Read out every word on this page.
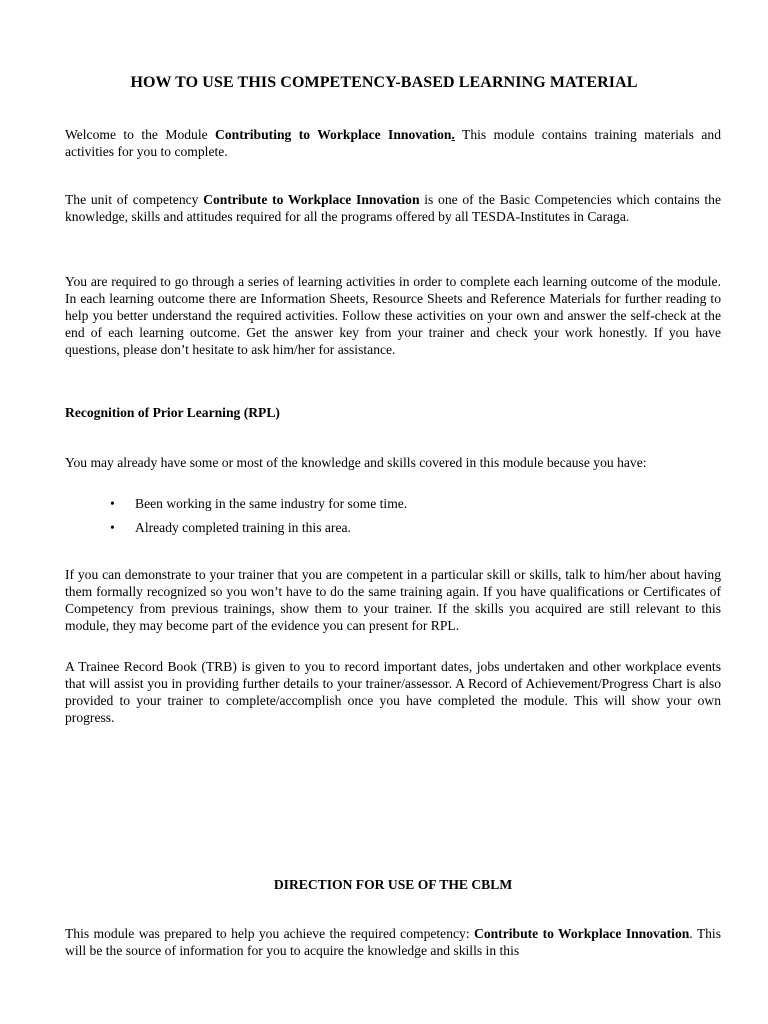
HOW TO USE THIS COMPETENCY-BASED LEARNING MATERIAL
Welcome to the Module Contributing to Workplace Innovation. This module contains training materials and activities for you to complete.
The unit of competency Contribute to Workplace Innovation is one of the Basic Competencies which contains the knowledge, skills and attitudes required for all the programs offered by all TESDA-Institutes in Caraga.
You are required to go through a series of learning activities in order to complete each learning outcome of the module. In each learning outcome there are Information Sheets, Resource Sheets and Reference Materials for further reading to help you better understand the required activities. Follow these activities on your own and answer the self-check at the end of each learning outcome. Get the answer key from your trainer and check your work honestly. If you have questions, please don’t hesitate to ask him/her for assistance.
Recognition of Prior Learning (RPL)
You may already have some or most of the knowledge and skills covered in this module because you have:
• Been working in the same industry for some time.
• Already completed training in this area.
If you can demonstrate to your trainer that you are competent in a particular skill or skills, talk to him/her about having them formally recognized so you won’t have to do the same training again. If you have qualifications or Certificates of Competency from previous trainings, show them to your trainer. If the skills you acquired are still relevant to this module, they may become part of the evidence you can present for RPL.
A Trainee Record Book (TRB) is given to you to record important dates, jobs undertaken and other workplace events that will assist you in providing further details to your trainer/assessor. A Record of Achievement/Progress Chart is also provided to your trainer to complete/accomplish once you have completed the module. This will show your own progress.
DIRECTION FOR USE OF THE CBLM
This module was prepared to help you achieve the required competency: Contribute to Workplace Innovation. This will be the source of information for you to acquire the knowledge and skills in this
